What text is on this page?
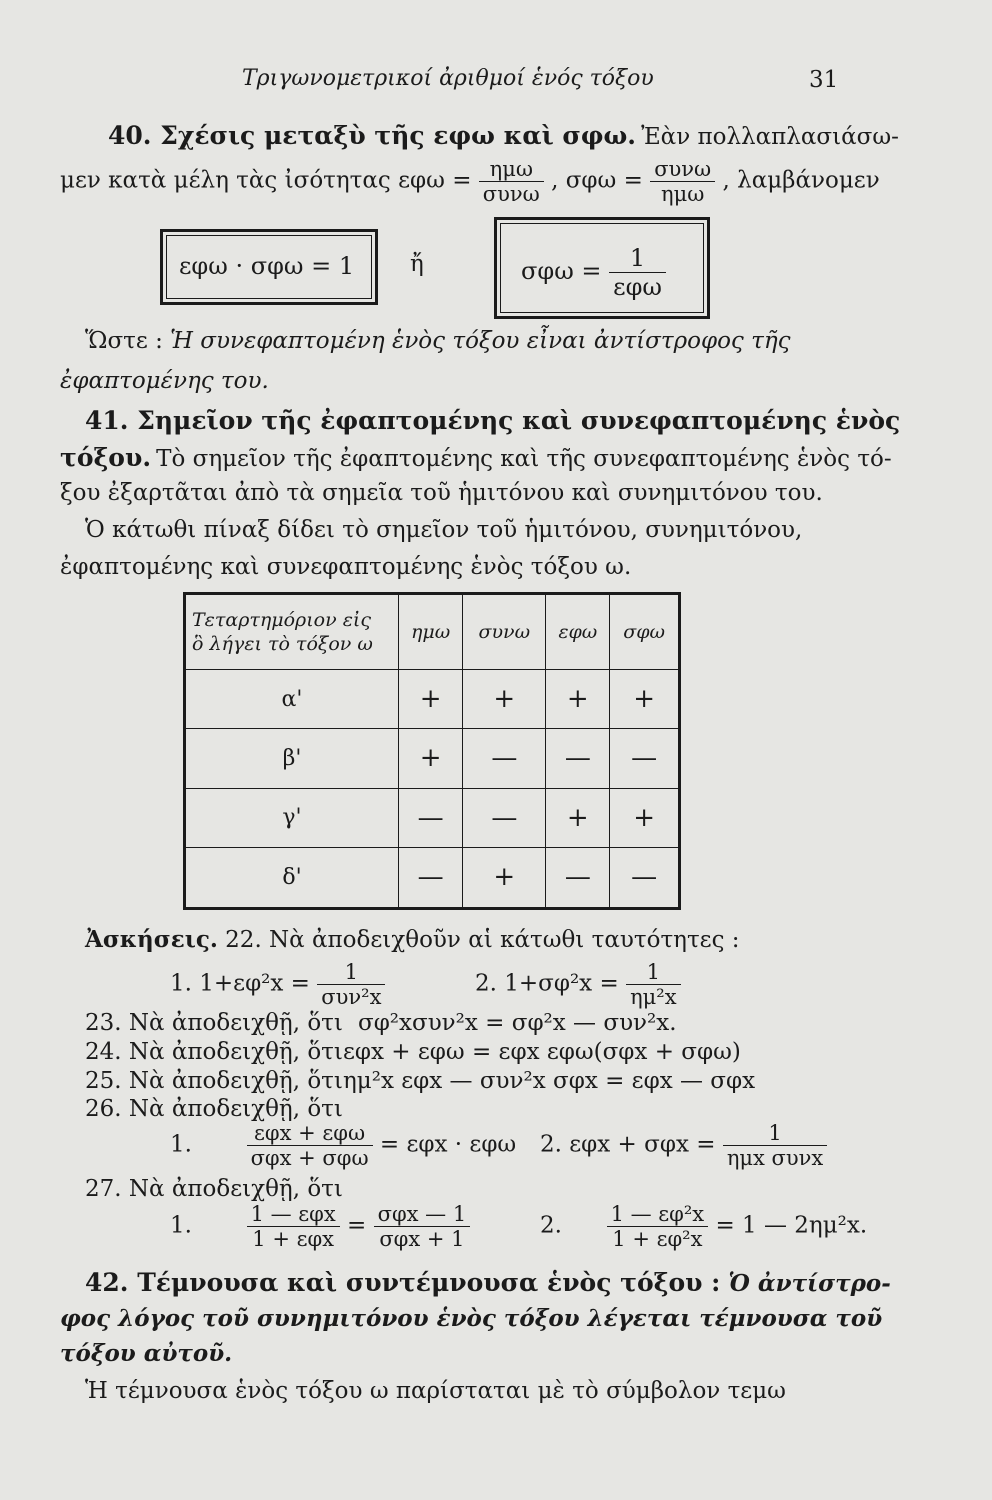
Τριγωνομετρικοί ἀριθμοί ἑνός τόξου	31
40. Σχέσις μεταξὺ τῆς εφω καὶ σφω. Ἐὰν πολλαπλασιάσω-
μεν κατὰ μέλη τὰς ἰσότητας $\varepsilon\varphi\omega = \frac{\text{ημω}}{\text{συνω}}$ , $\sigma\varphi\omega = \frac{\text{συνω}}{\text{ημω}}$ , λαμβάνομεν
εφω · σφω = 1 ἤ	$\sigma\varphi\omega = \frac{1}{\text{εφω}}$
Ὥστε : Ἡ συνεφαπτομένη ἑνὸς τόξου εἶναι ἀντίστροφος τῆς
ἐφαπτομένης του.
41. Σημεῖον τῆς ἐφαπτομένης καὶ συνεφαπτομένης ἑνὸς
τόξου. Τὸ σημεῖον τῆς ἐφαπτομένης καὶ τῆς συνεφαπτομένης ἑνὸς τό-
ξου ἐξαρτᾶται ἀπὸ τὰ σημεῖα τοῦ ἡμιτόνου καὶ συνημιτόνου του.
Ὁ κάτωθι πίναξ δίδει τὸ σημεῖον τοῦ ἡμιτόνου, συνημιτόνου,
ἐφαπτομένης καὶ συνεφαπτομένης ἑνὸς τόξου ω.
Τεταρτημόριον εἰς
ὃ λήγει τὸ τόξον ω	ημω	συνω	εφω	σφω
α'	+	+	+	+
β'	+	—	—	—
γ'	—	—	+	+
δ'	—	+	—	—
Ἀσκήσεις. 22. Νὰ ἀποδειχθοῦν αἱ κάτωθι ταυτότητες :
1. $1+\varepsilon\varphi^2x = \frac{1}{\text{συν²x}}$	2. $1+\sigma\varphi^2x = \frac{1}{\text{ημ²x}}$
23. Νὰ ἀποδειχθῇ, ὅτι σφ²xσυν²x = σφ²x — συν²x.
24. Νὰ ἀποδειχθῇ, ὅτι εφx + εφω = εφx εφω(σφx + σφω)
25. Νὰ ἀποδειχθῇ, ὅτι ημ²x εφx — συν²x σφx = εφx — σφx
26. Νὰ ἀποδειχθῇ, ὅτι
1.	$\frac{\text{εφx + εφω}}{\text{σφx + σφω}} = \varepsilon\varphi x \cdot \varepsilon\varphi\omega$ 2. $\varepsilon\varphi x + \sigma\varphi x = \frac{1}{\text{ημx συνx}}$
27. Νὰ ἀποδειχθῇ, ὅτι
1.	$\frac{\text{1 — εφx}}{\text{1 + εφx}} = \frac{\text{σφx — 1}}{\text{σφx + 1}}$	2. $\frac{\text{1 — εφ²x}}{\text{1 + εφ²x}} = 1$ — 2ημ²x.
42. Τέμνουσα καὶ συντέμνουσα ἑνὸς τόξου : Ὁ ἀντίστρο-
φος λόγος τοῦ συνημιτόνου ἑνὸς τόξου λέγεται τέμνουσα τοῦ
τόξου αὐτοῦ.
Ἡ τέμνουσα ἑνὸς τόξου ω παρίσταται μὲ τὸ σύμβολον τεμω
